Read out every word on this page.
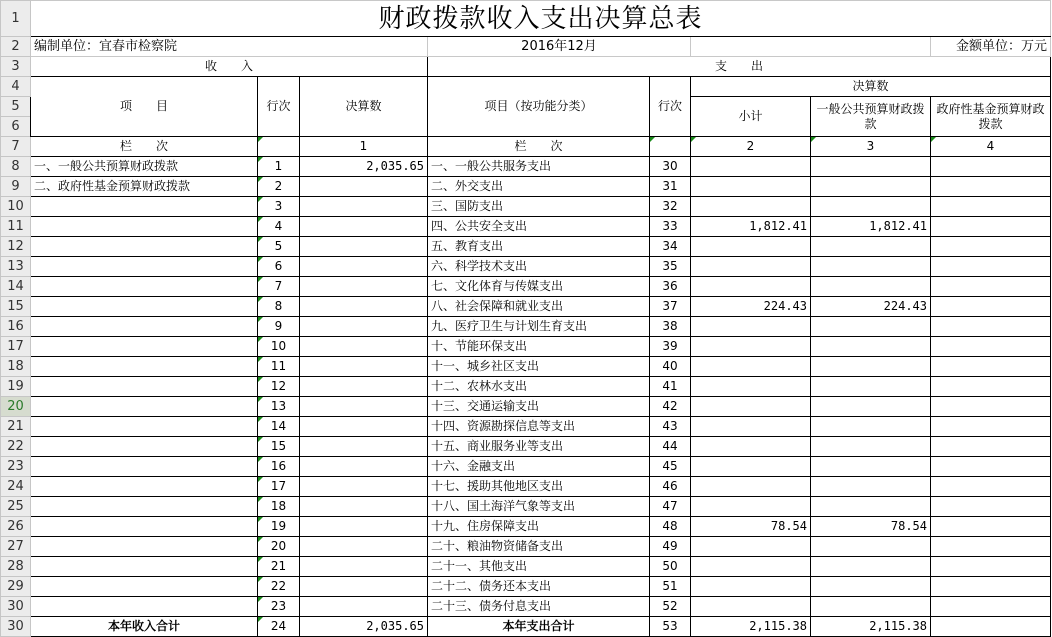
1	财政拨款收入支出决算总表							
2	编制单位：宜春市检察院			2016年12月				金额单位：万元
3	收　　入			支　　出				
4	项　　目	行次	决算数	项目（按功能分类）	行次	决算数		
5						小计	一般公共预算财政拨款	政府性基金预算财政拨款
6								
7	栏　　次		1	栏　　次		2	3	4
8	一、一般公共预算财政拨款	1	2,035.65	一、一般公共服务支出	30			
9	二、政府性基金预算财政拨款	2		二、外交支出	31			
10		3		三、国防支出	32			
11		4		四、公共安全支出	33	1,812.41	1,812.41	
12		5		五、教育支出	34			
13		6		六、科学技术支出	35			
14		7		七、文化体育与传媒支出	36			
15		8		八、社会保障和就业支出	37	224.43	224.43	
16		9		九、医疗卫生与计划生育支出	38			
17		10		十、节能环保支出	39			
18		11		十一、城乡社区支出	40			
19		12		十二、农林水支出	41			
20		13		十三、交通运输支出	42			
21		14		十四、资源勘探信息等支出	43			
22		15		十五、商业服务业等支出	44			
23		16		十六、金融支出	45			
24		17		十七、援助其他地区支出	46			
25		18		十八、国土海洋气象等支出	47			
26		19		十九、住房保障支出	48	78.54	78.54	
27		20		二十、粮油物资储备支出	49			
28		21		二十一、其他支出	50			
29		22		二十二、债务还本支出	51			
30		23		二十三、债务付息支出	52			
30	本年收入合计	24	2,035.65	本年支出合计	53	2,115.38	2,115.38	
